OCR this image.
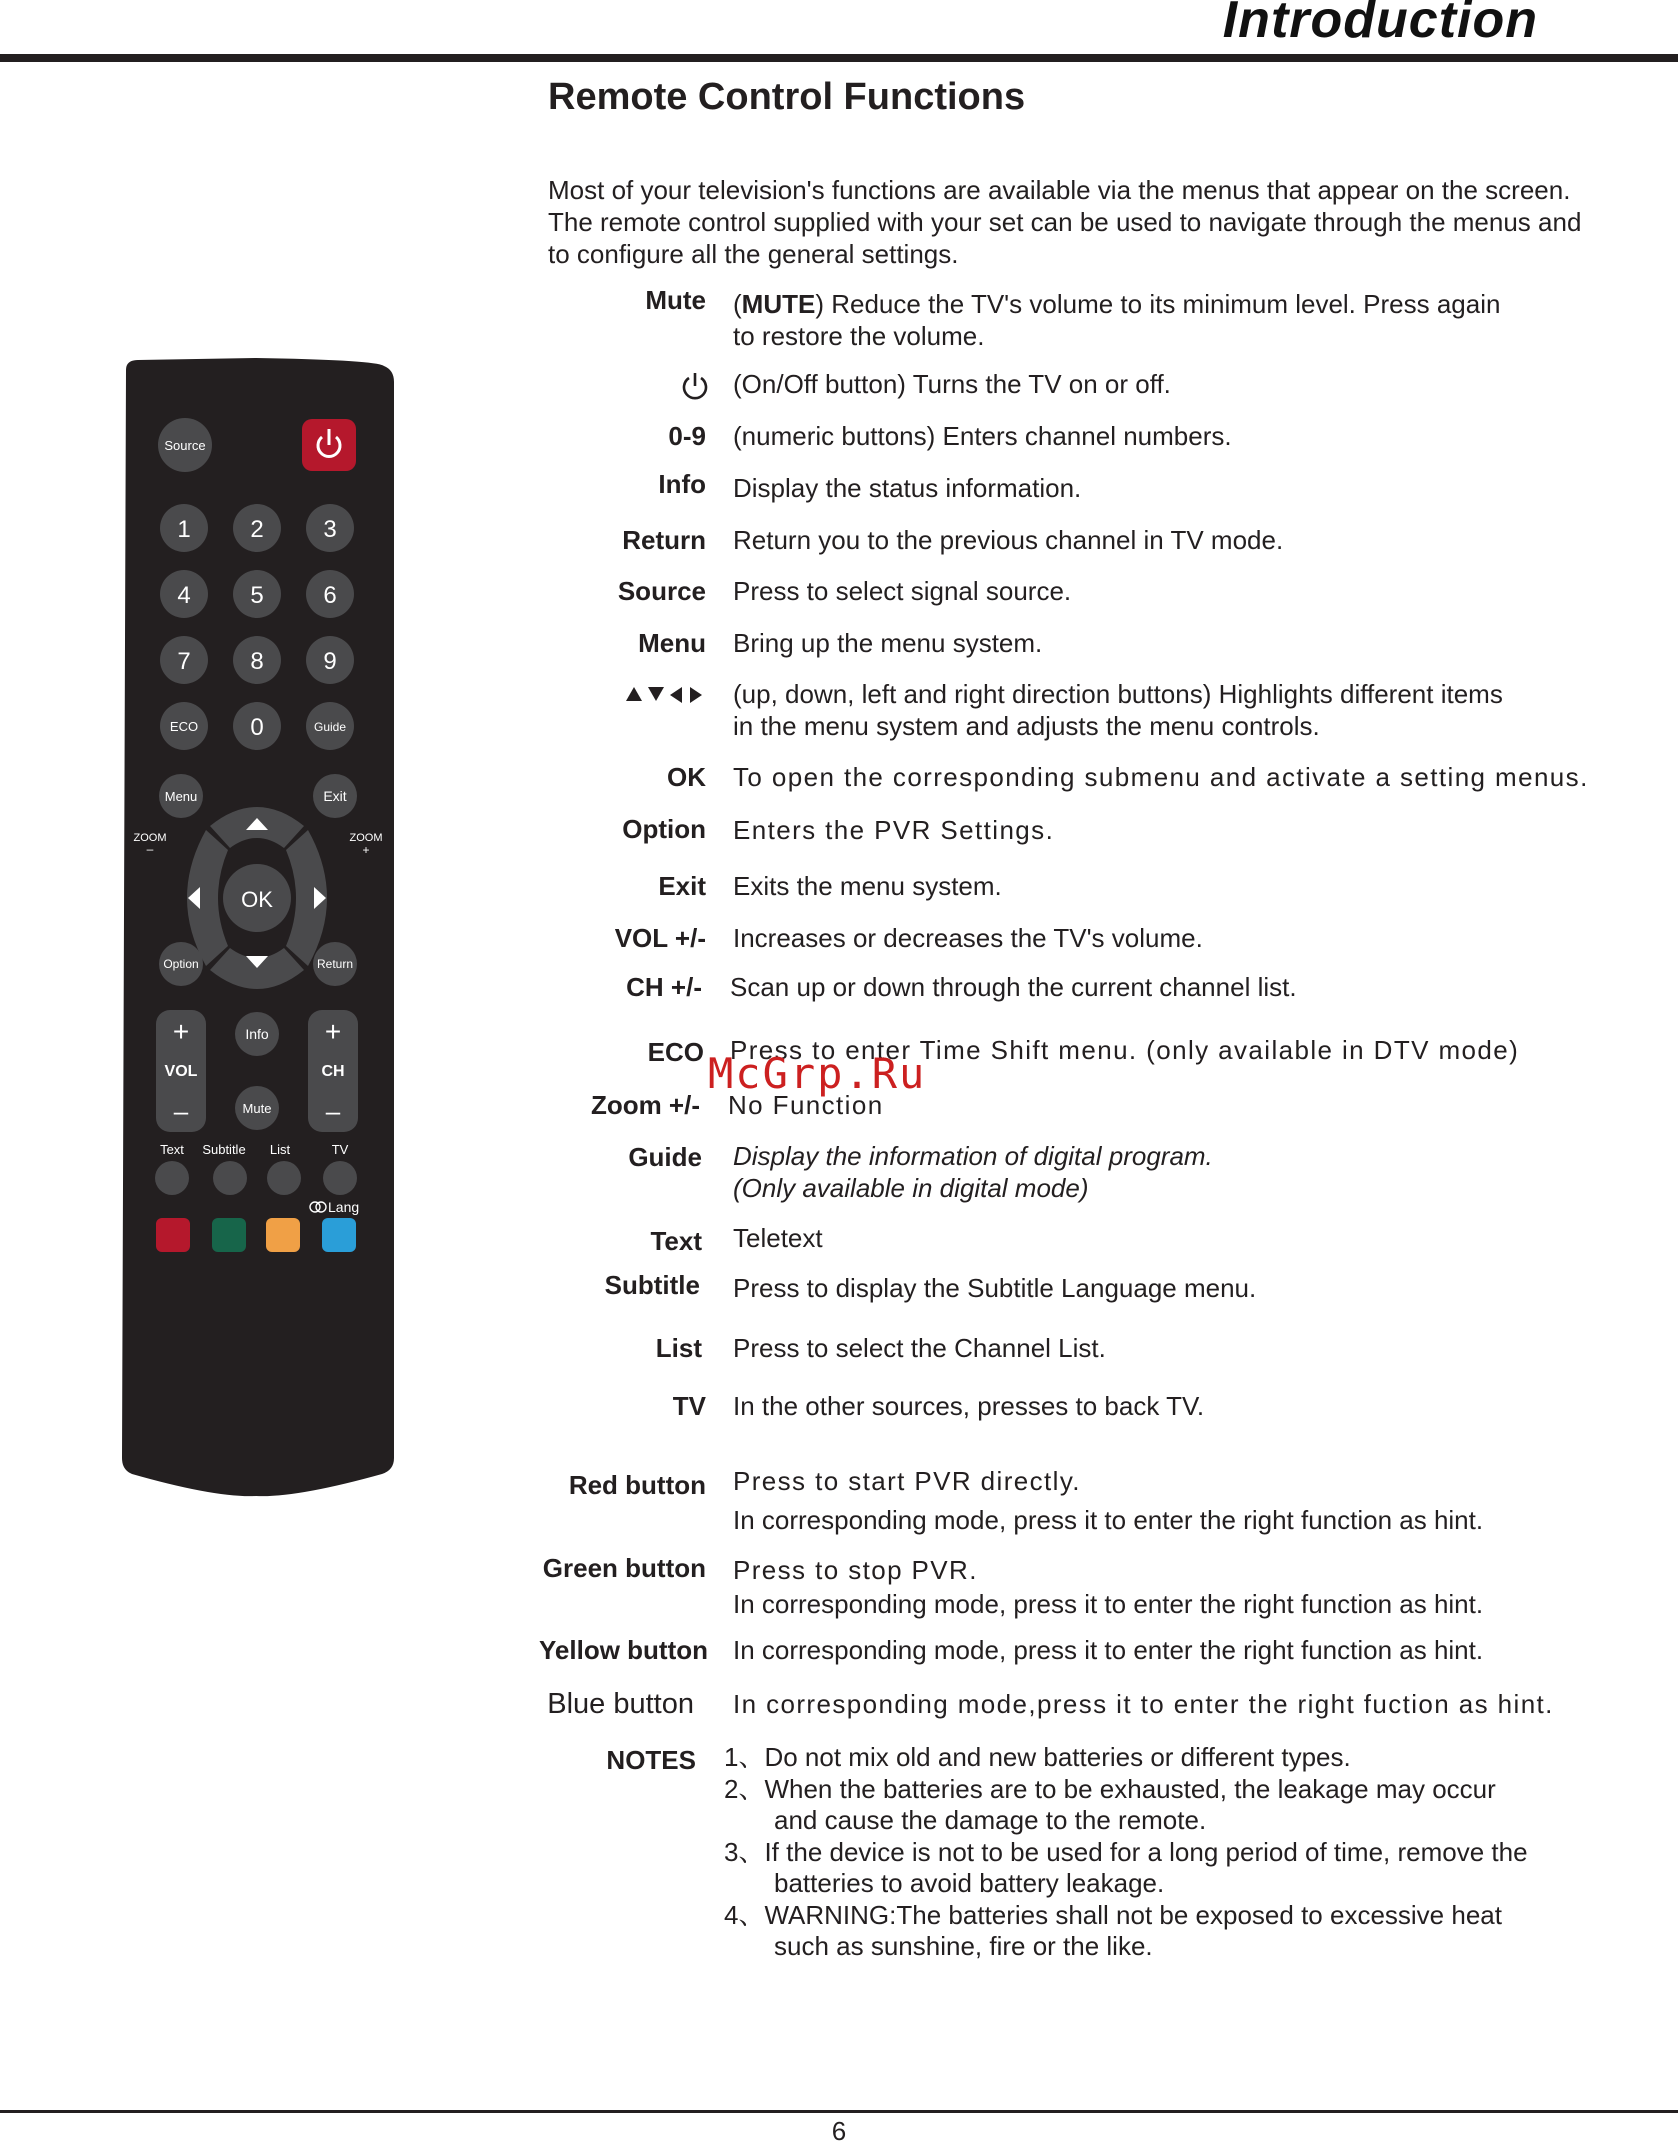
Introduction
Remote Control Functions
Most of your television's functions are available via the menus that appear on the screen. The remote control supplied with your set can be used to navigate through the menus and to configure all the general settings.
Mute (MUTE) Reduce the TV's volume to its minimum level. Press again
to restore the volume.
(On/Off button) Turns the TV on or off.
0-9 (numeric buttons) Enters channel numbers.
Info Display the status information.
Return Return you to the previous channel in TV mode.
Source Press to select signal source.
Menu Bring up the menu system.
(up, down, left and right direction buttons) Highlights different items
in the menu system and adjusts the menu controls.
OK To open the corresponding submenu and activate a setting menus.
Option Enters the PVR Settings.
Exit Exits the menu system.
VOL +/- Increases or decreases the TV's volume.
CH +/- Scan up or down through the current channel list.
ECO Press to enter Time Shift menu. (only available in DTV mode)
Zoom +/- No Function
Guide Display the information of digital program.
(Only available in digital mode)
Text Teletext
Subtitle Press to display the Subtitle Language menu.
List Press to select the Channel List.
TV In the other sources, presses to back TV.
Red button Press to start PVR directly.
In corresponding mode, press it to enter the right function as hint.
Green button Press to stop PVR.
In corresponding mode, press it to enter the right function as hint.
Yellow button In corresponding mode, press it to enter the right function as hint.
Blue button In corresponding mode,press it to enter the right fuction as hint.
NOTES 1、Do not mix old and new batteries or different types.
2、When the batteries are to be exhausted, the leakage may occur
and cause the damage to the remote.
3、If the device is not to be used for a long period of time, remove the
batteries to avoid battery leakage.
4、WARNING:The batteries shall not be exposed to excessive heat
such as sunshine, fire or the like.
McGrp.Ru
Source
1 2 3
4 5 6
7 8 9
ECO 0	Guide
Menu	Exit
ZOOM
–
ZOOM
+
OK
Option	Return
+
VOL
–
+
CH
–
Info
Mute
Text Subtitle List	TV
Lang
6
